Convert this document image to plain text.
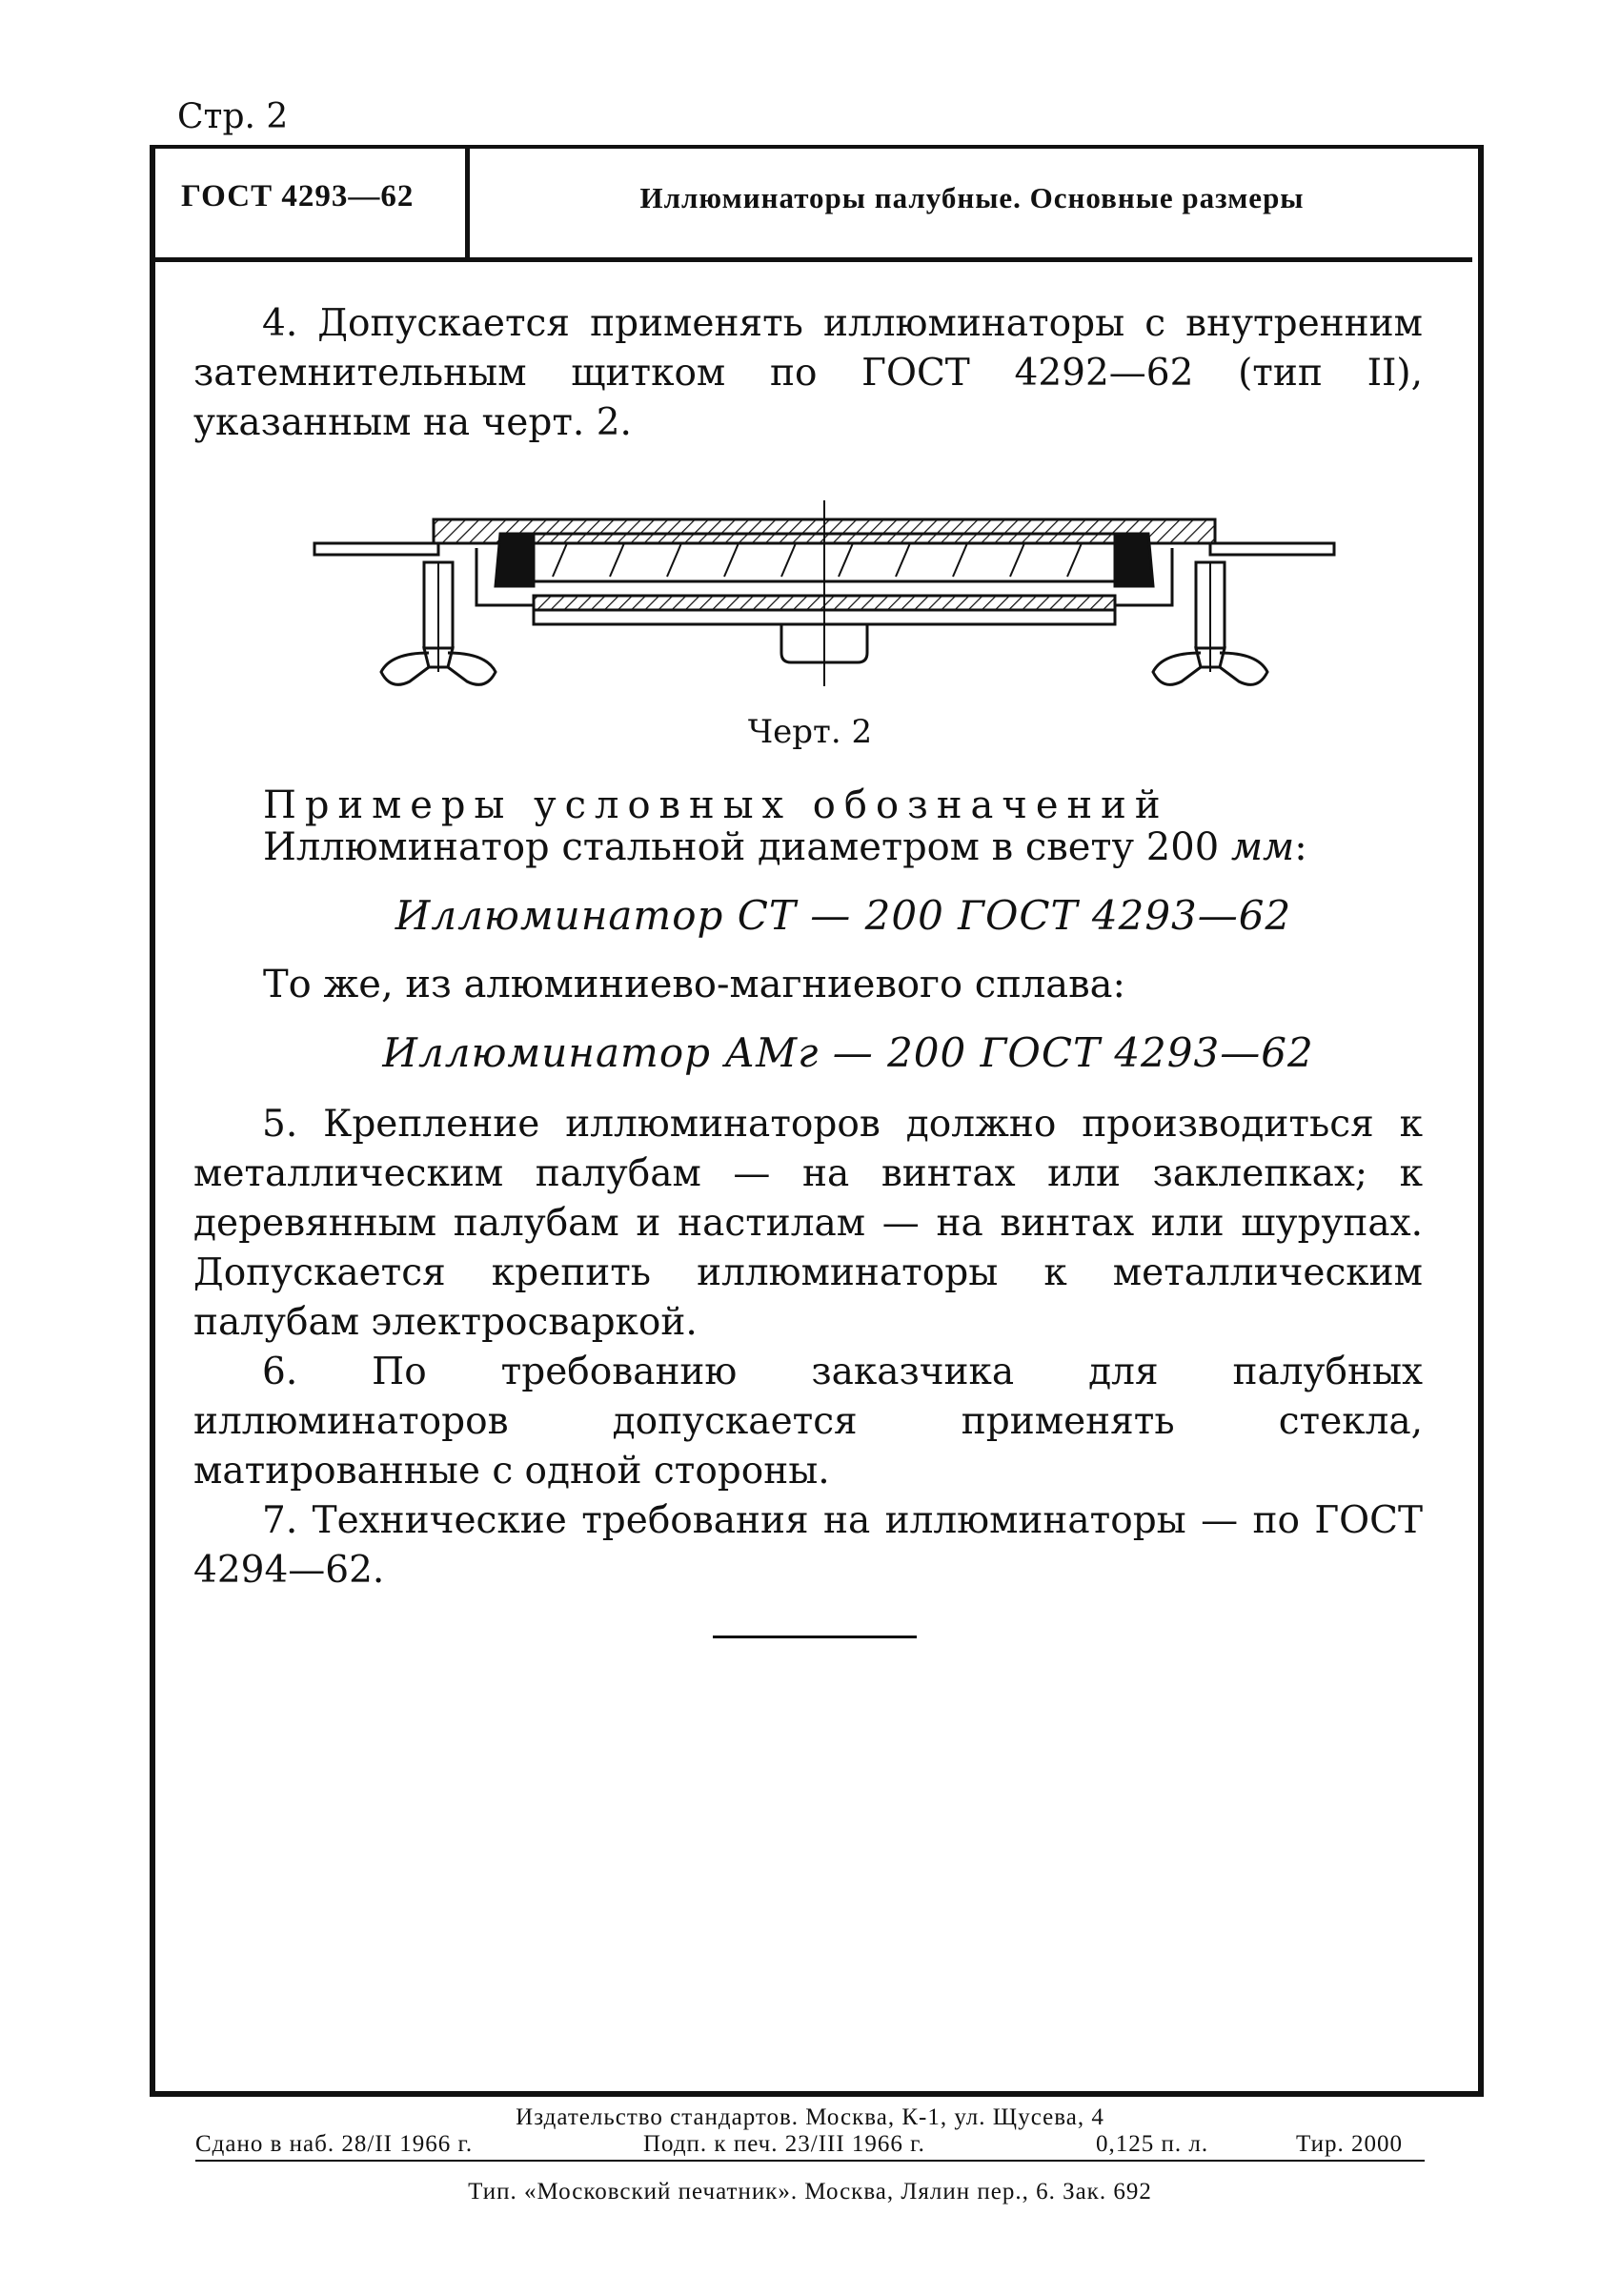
Стр. 2
ГОСТ 4293—62	Иллюминаторы палубные. Основные размеры
4. Допускается применять иллюминаторы с внутренним затемнительным щитком по ГОСТ 4292—62 (тип II), указанным на черт. 2.
Черт. 2
Примеры условных обозначений
Иллюминатор стальной диаметром в свету 200 мм:
Иллюминатор СТ — 200 ГОСТ 4293—62
То же, из алюминиево-магниевого сплава:
Иллюминатор АМг — 200 ГОСТ 4293—62
5. Крепление иллюминаторов должно производиться к металлическим палубам — на винтах или заклепках; к деревянным палубам и настилам — на винтах или шурупах. Допускается крепить иллюминаторы к металлическим палубам электросваркой.
6. По требованию заказчика для палубных иллюминаторов допускается применять стекла, матированные с одной стороны.
7. Технические требования на иллюминаторы — по ГОСТ 4294—62.
Издательство стандартов. Москва, К-1, ул. Щусева, 4
Сдано в наб. 28/II 1966 г.	Подп. к печ. 23/III 1966 г.	0,125 п. л.	Тир. 2000
Тип. «Московский печатник». Москва, Лялин пер., 6. Зак. 692
